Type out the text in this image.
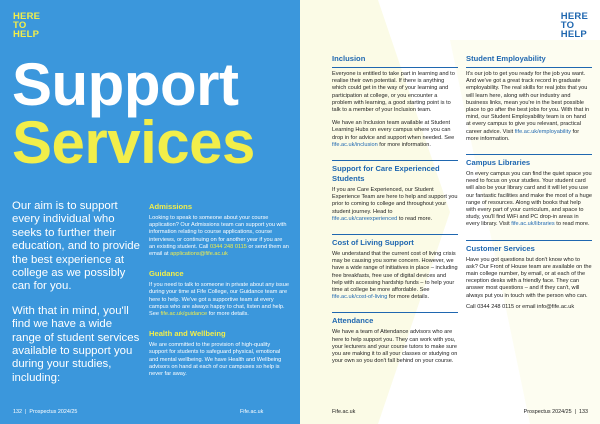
HERE
TO
HELP
Support
Services

Our aim is to support every individual who seeks to further their education, and to provide the best experience at college as we possibly can for you.

With that in mind, you'll find we have a wide range of student services available to support you during your studies, including:

Admissions
Looking to speak to someone about your course application? Our Admissions team can support you with information relating to course applications, course interviews, or continuing on for another year if you are an existing student. Call 0344 248 0115 or send them an email at applications@fife.ac.uk
Guidance
If you need to talk to someone in private about any issue during your time at Fife College, our Guidance team are here to help. We've got a supportive team at every campus who are always happy to chat, listen and help. See fife.ac.uk/guidance for more details.
Health and Wellbeing
We are committed to the provision of high-quality support for students to safeguard physical, emotional and mental wellbeing. We have Health and Wellbeing advisors on hand at each of our campuses so help is never far away.
132  |  Prospectus 2024/25	Fife.ac.uk
HERE
TO
HELP
Inclusion
Everyone is entitled to take part in learning and to realise their own potential. If there is anything which could get in the way of your learning and participation at college, or you encounter a problem with learning, a good starting point is to talk to a member of your Inclusion team.
We have an Inclusion team available at Student Learning Hubs on every campus where you can drop in for advice and support when needed. See fife.ac.uk/inclusion for more information.
Support for Care Experienced Students
If you are Care Experienced, our Student Experience Team are here to help and support you prior to coming to college and throughout your student journey. Head to fife.ac.uk/careexperienced to read more.
Cost of Living Support
We understand that the current cost of living crisis may be causing you some concern. However, we have a wide range of initiatives in place – including free breakfasts, free use of digital devices and help with accessing hardship funds – to help your time at college be more affordable. See fife.ac.uk/cost-of-living for more details.
Attendance
We have a team of Attendance advisors who are here to help support you. They can work with you, your lecturers and your course tutors to make sure you are making it to all your classes or studying on your own so you don't fall behind on your course.
Student Employability
It's our job to get you ready for the job you want. And we've got a great track record in graduate employability. The real skills for real jobs that you will learn here, along with our industry and business links, mean you're in the best possible place to go after the best jobs for you. With that in mind, our Student Employability team is on hand at every campus to give you relevant, practical career advice. Visit fife.ac.uk/employability for more information.
Campus Libraries
On every campus you can find the quiet space you need to focus on your studies. Your student card will also be your library card and it will let you use our fantastic facilities and make the most of a huge range of resources. Along with books that help with every part of your curriculum, and space to study, you'll find WiFi and PC drop-in areas in every library. Visit fife.ac.uk/libraries to read more.
Customer Services
Have you got questions but don't know who to ask? Our Front of House team are available on the main college number, by email, or at each of the reception desks with a friendly face. They can answer most questions – and if they can't, will always put you in touch with the person who can.
Call 0344 248 0115 or email info@fife.ac.uk
Fife.ac.uk	Prospectus 2024/25  |  133
